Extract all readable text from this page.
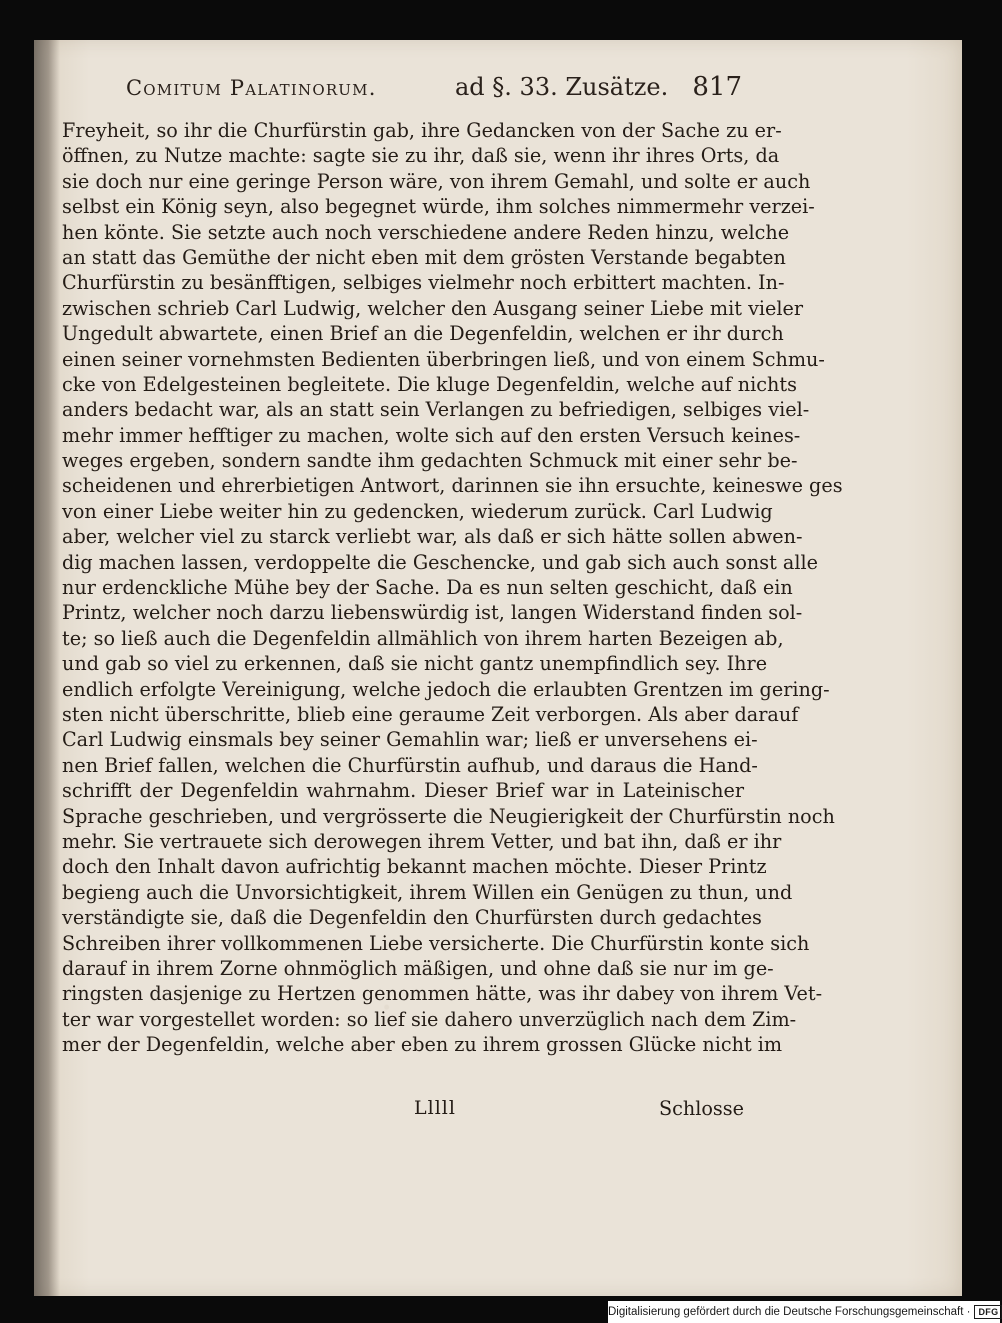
Comitum Palatinorum.	ad §. 33. Zusätze. 817
Freyheit, so ihr die Churfürstin gab, ihre Gedancken von der Sache zu er-
öffnen, zu Nutze machte: sagte sie zu ihr, daß sie, wenn ihr ihres Orts, da
sie doch nur eine geringe Person wäre, von ihrem Gemahl, und solte er auch
selbst ein König seyn, also begegnet würde, ihm solches nimmermehr verzei-
hen könte. Sie setzte auch noch verschiedene andere Reden hinzu, welche
an statt das Gemüthe der nicht eben mit dem grösten Verstande begabten
Churfürstin zu besänfftigen, selbiges vielmehr noch erbittert machten. In-
zwischen schrieb Carl Ludwig, welcher den Ausgang seiner Liebe mit vieler
Ungedult abwartete, einen Brief an die Degenfeldin, welchen er ihr durch
einen seiner vornehmsten Bedienten überbringen ließ, und von einem Schmu-
cke von Edelgesteinen begleitete. Die kluge Degenfeldin, welche auf nichts
anders bedacht war, als an statt sein Verlangen zu befriedigen, selbiges viel-
mehr immer hefftiger zu machen, wolte sich auf den ersten Versuch keines-
weges ergeben, sondern sandte ihm gedachten Schmuck mit einer sehr be-
scheidenen und ehrerbietigen Antwort, darinnen sie ihn ersuchte, keineswe ges
von einer Liebe weiter hin zu gedencken, wiederum zurück. Carl Ludwig
aber, welcher viel zu starck verliebt war, als daß er sich hätte sollen abwen-
dig machen lassen, verdoppelte die Geschencke, und gab sich auch sonst alle
nur erdenckliche Mühe bey der Sache. Da es nun selten geschicht, daß ein
Printz, welcher noch darzu liebenswürdig ist, langen Widerstand finden sol-
te; so ließ auch die Degenfeldin allmählich von ihrem harten Bezeigen ab,
und gab so viel zu erkennen, daß sie nicht gantz unempfindlich sey. Ihre
endlich erfolgte Vereinigung, welche jedoch die erlaubten Grentzen im gering-
sten nicht überschritte, blieb eine geraume Zeit verborgen. Als aber darauf
Carl Ludwig einsmals bey seiner Gemahlin war; ließ er unversehens ei-
nen Brief fallen, welchen die Churfürstin aufhub, und daraus die Hand-
schrifft der Degenfeldin wahrnahm. Dieser Brief war in Lateinischer
Sprache geschrieben, und vergrösserte die Neugierigkeit der Churfürstin noch
mehr. Sie vertrauete sich derowegen ihrem Vetter, und bat ihn, daß er ihr
doch den Inhalt davon aufrichtig bekannt machen möchte. Dieser Printz
begieng auch die Unvorsichtigkeit, ihrem Willen ein Genügen zu thun, und
verständigte sie, daß die Degenfeldin den Churfürsten durch gedachtes
Schreiben ihrer vollkommenen Liebe versicherte. Die Churfürstin konte sich
darauf in ihrem Zorne ohnmöglich mäßigen, und ohne daß sie nur im ge-
ringsten dasjenige zu Hertzen genommen hätte, was ihr dabey von ihrem Vet-
ter war vorgestellet worden: so lief sie dahero unverzüglich nach dem Zim-
mer der Degenfeldin, welche aber eben zu ihrem grossen Glücke nicht im
Lllll	Schlosse
Digitalisierung gefördert durch die Deutsche Forschungsgemeinschaft · DFG
